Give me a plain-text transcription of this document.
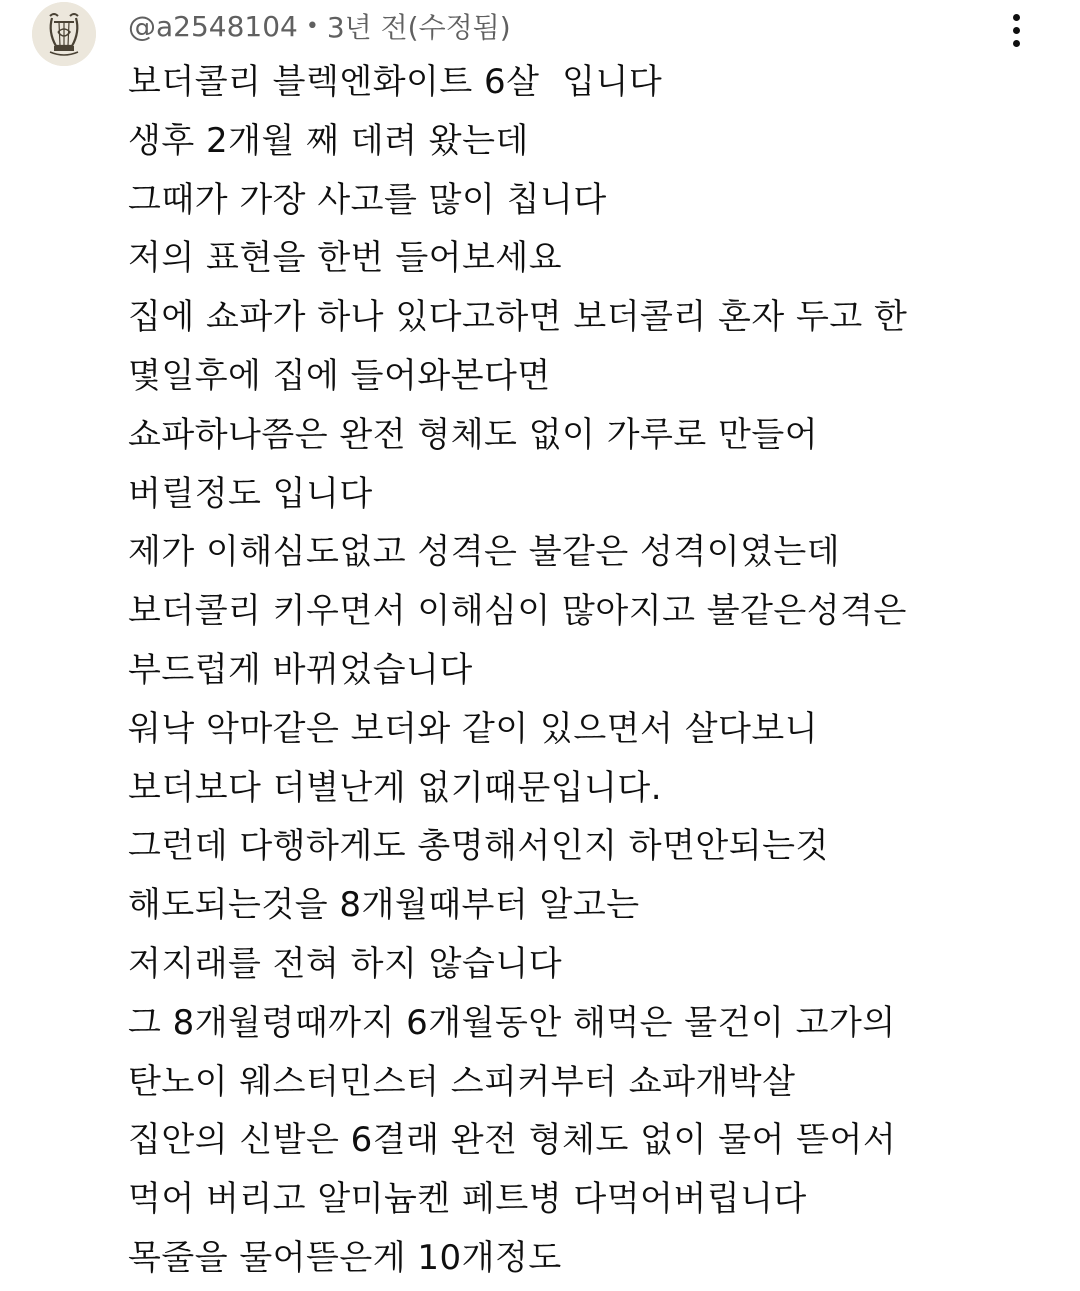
@a2548104 • 3년 전(수정됨)
보더콜리 블렉엔화이트 6살  입니다
생후 2개월 째 데려 왔는데
그때가 가장 사고를 많이 칩니다
저의 표현을 한번 들어보세요
집에 쇼파가 하나 있다고하면 보더콜리 혼자 두고 한
몇일후에 집에 들어와본다면
쇼파하나쯤은 완전 형체도 없이 가루로 만들어
버릴정도 입니다
제가 이해심도없고 성격은 불같은 성격이였는데
보더콜리 키우면서 이해심이 많아지고 불같은성격은
부드럽게 바뀌었습니다
워낙 악마같은 보더와 같이 있으면서 살다보니
보더보다 더별난게 없기때문입니다.
그런데 다행하게도 총명해서인지 하면안되는것
해도되는것을 8개월때부터 알고는
저지래를 전혀 하지 않습니다
그 8개월령때까지 6개월동안 해먹은 물건이 고가의
탄노이 웨스터민스터 스피커부터 쇼파개박살
집안의 신발은 6결래 완전 형체도 없이 물어 뜯어서
먹어 버리고 알미늄켄 페트병 다먹어버립니다
목줄을 물어뜯은게 10개정도
